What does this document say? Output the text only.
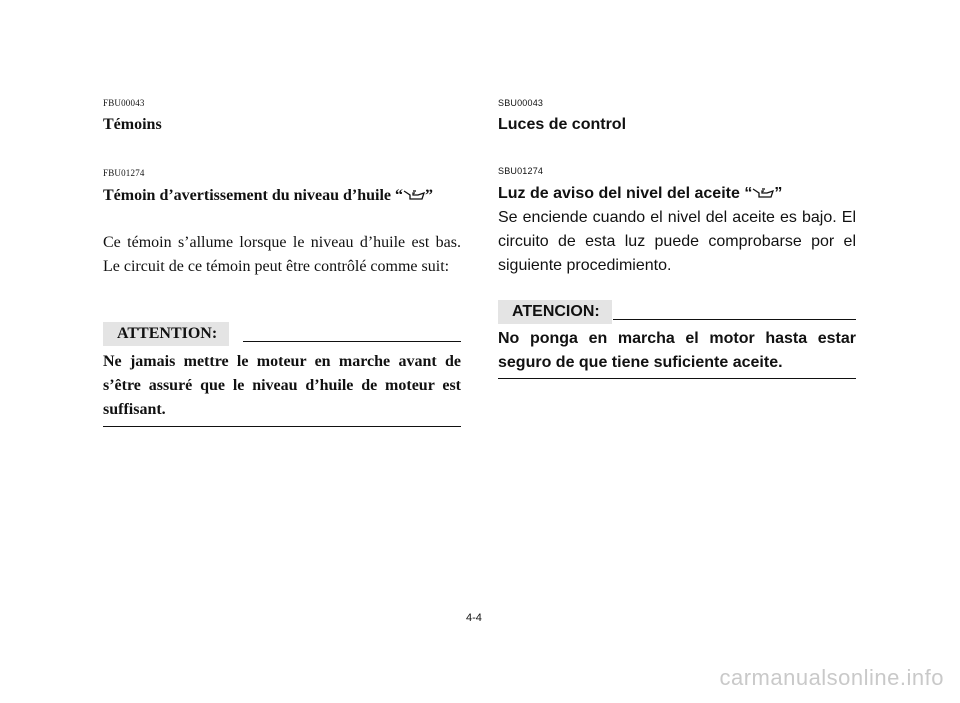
FBU00043
Témoins
FBU01274
Témoin d’avertissement du niveau d’huile “ ”
Ce témoin s’allume lorsque le niveau d’huile est bas. Le circuit de ce témoin peut être contrôlé comme suit:
ATTENTION:
Ne jamais mettre le moteur en marche avant de s’être assuré que le niveau d’huile de moteur est suffisant.
SBU00043
Luces de control
SBU01274
Luz de aviso del nivel del aceite “ ”
Se enciende cuando el nivel del aceite es bajo. El circuito de esta luz puede comprobarse por el siguiente procedimiento.
ATENCION:
No ponga en marcha el motor hasta estar seguro de que tiene suficiente aceite.
4-4
carmanualsonline.info
